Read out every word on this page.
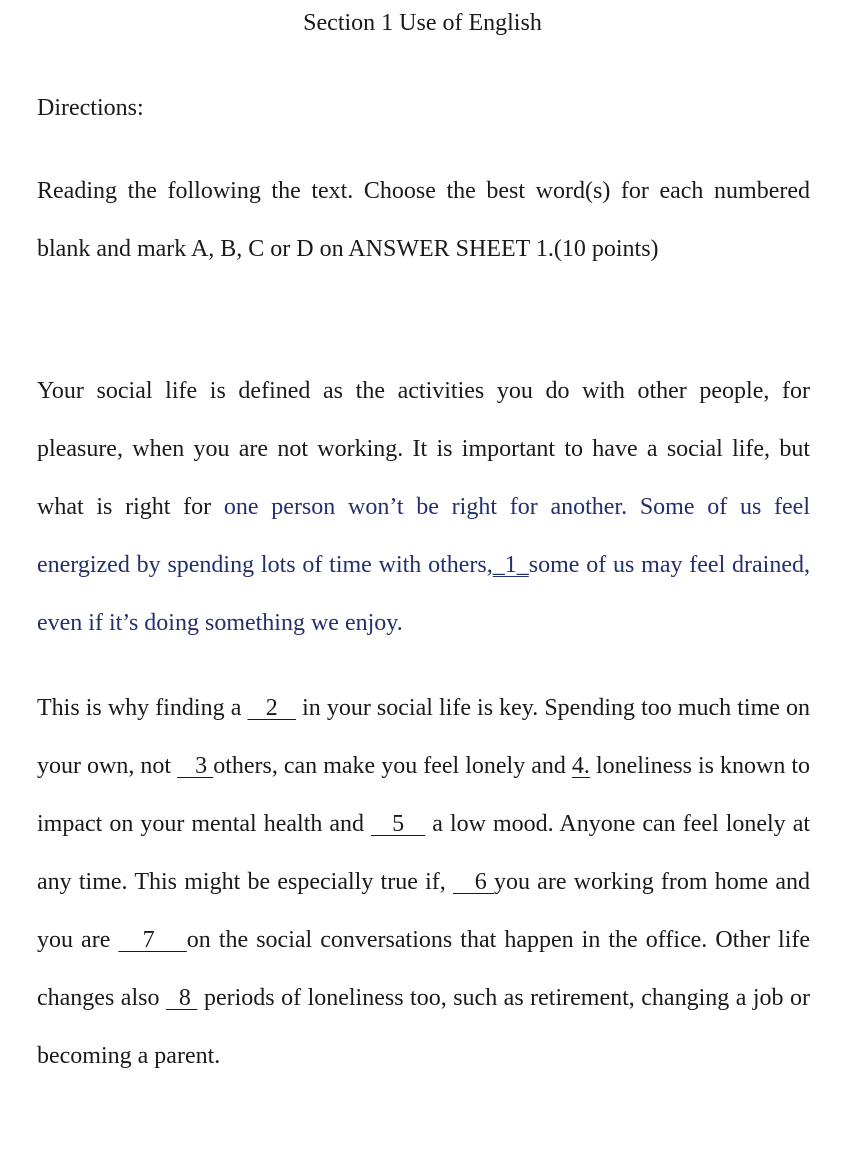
Section 1 Use of English
Directions:

Reading the following the text. Choose the best word(s) for each numbered blank and mark A, B, C or D on ANSWER SHEET 1.(10 points)

Your social life is defined as the activities you do with other people, for pleasure, when you are not working. It is important to have a social life, but what is right for one person won’t be right for another. Some of us feel energized by spending lots of time with others,_1_some of us may feel drained, even if it’s doing something we enjoy.

This is why finding a    2    in your social life is key. Spending too much time on your own, not    3 others, can make you feel lonely and 4. loneliness is known to impact on your mental health and    5    a low mood. Anyone can feel lonely at any time. This might be especially true if,    6 you are working from home and you are    7    on the social conversations that happen in the office. Other life changes also   8  periods of loneliness too, such as retirement, changing a job or becoming a parent.
